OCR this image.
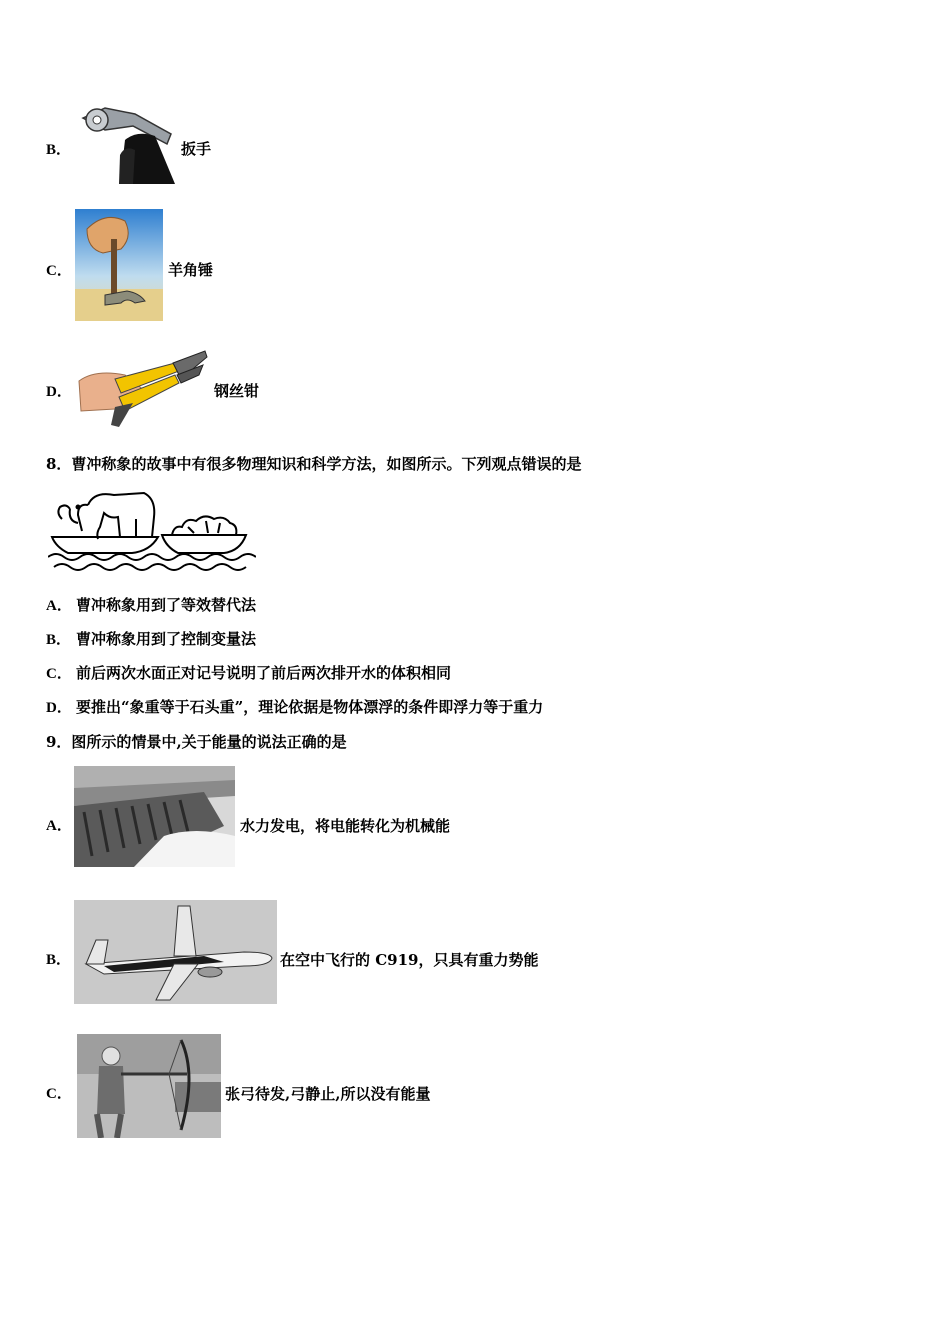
B．	扳手
C．	羊角锤
D．	钢丝钳
8．曹冲称象的故事中有很多物理知识和科学方法，如图所示。下列观点错误的是
A． 曹冲称象用到了等效替代法
B． 曹冲称象用到了控制变量法
C． 前后两次水面正对记号说明了前后两次排开水的体积相同
D． 要推出“象重等于石头重”，理论依据是物体漂浮的条件即浮力等于重力
9．图所示的情景中,关于能量的说法正确的是
A．	水力发电，将电能转化为机械能
B．	在空中飞行的 C919，只具有重力势能
C．	张弓待发,弓静止,所以没有能量
